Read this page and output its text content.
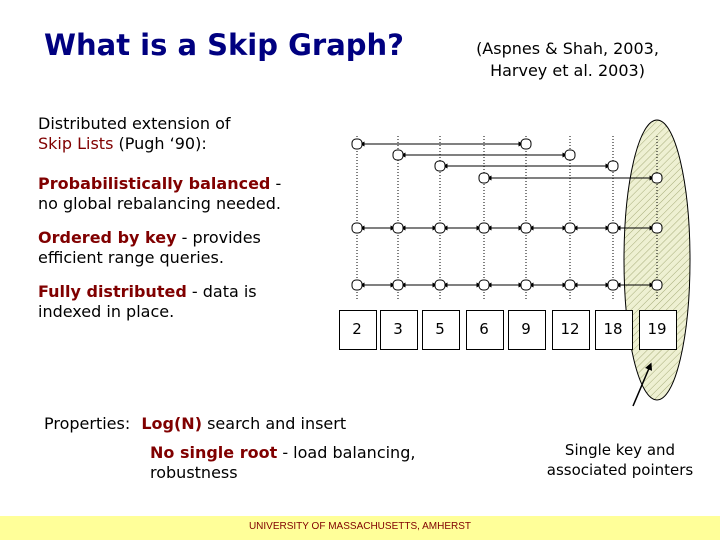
What is a Skip Graph?	(Aspnes & Shah, 2003,
Harvey et al. 2003)
Distributed extension of
Skip Lists (Pugh ‘90):
Probabilistically balanced -
no global rebalancing needed.
Ordered by key - provides
efficient range queries.
Fully distributed - data is
indexed in place.
2	3	5	6	9	12	18	19
Properties: Log(N) search and insert
No single root - load balancing,
robustness
Single key and
associated pointers
UNIVERSITY OF MASSACHUSETTS, AMHERST
